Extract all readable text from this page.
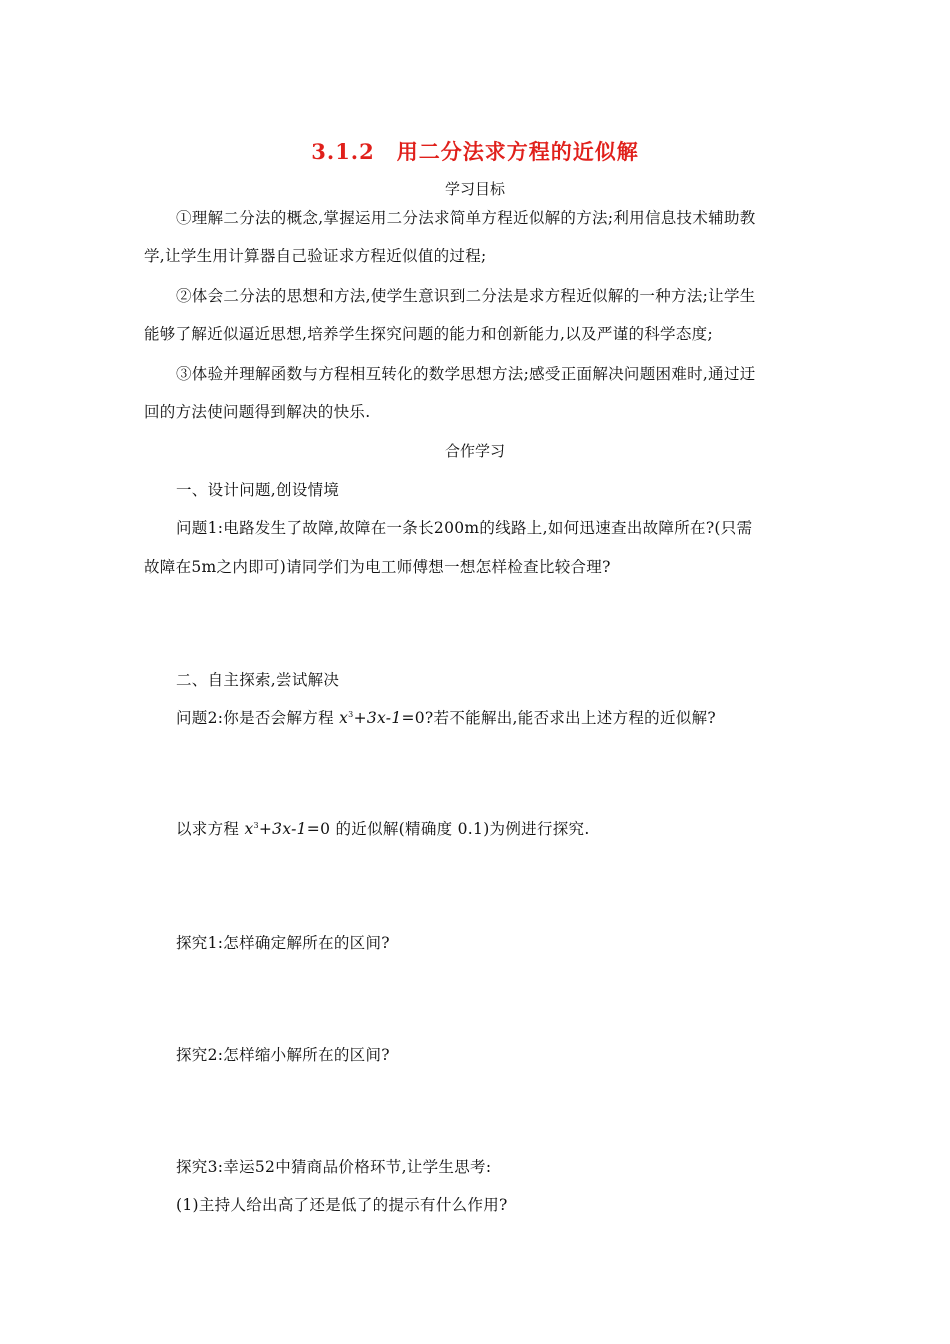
3.1.2　用二分法求方程的近似解
学习目标
①理解二分法的概念,掌握运用二分法求简单方程近似解的方法;利用信息技术辅助教
学,让学生用计算器自己验证求方程近似值的过程;
②体会二分法的思想和方法,使学生意识到二分法是求方程近似解的一种方法;让学生
能够了解近似逼近思想,培养学生探究问题的能力和创新能力,以及严谨的科学态度;
③体验并理解函数与方程相互转化的数学思想方法;感受正面解决问题困难时,通过迂
回的方法使问题得到解决的快乐.
合作学习
一、设计问题,创设情境
问题1:电路发生了故障,故障在一条长200m的线路上,如何迅速查出故障所在?(只需
故障在5m之内即可)请同学们为电工师傅想一想怎样检查比较合理?
二、自主探索,尝试解决
问题2:你是否会解方程 $x^3+3x-1=0$?若不能解出,能否求出上述方程的近似解?
以求方程 $x^3+3x-1=0$ 的近似解(精确度 0.1)为例进行探究.
探究1:怎样确定解所在的区间?
探究2:怎样缩小解所在的区间?
探究3:幸运52中猜商品价格环节,让学生思考:
(1)主持人给出高了还是低了的提示有什么作用?
